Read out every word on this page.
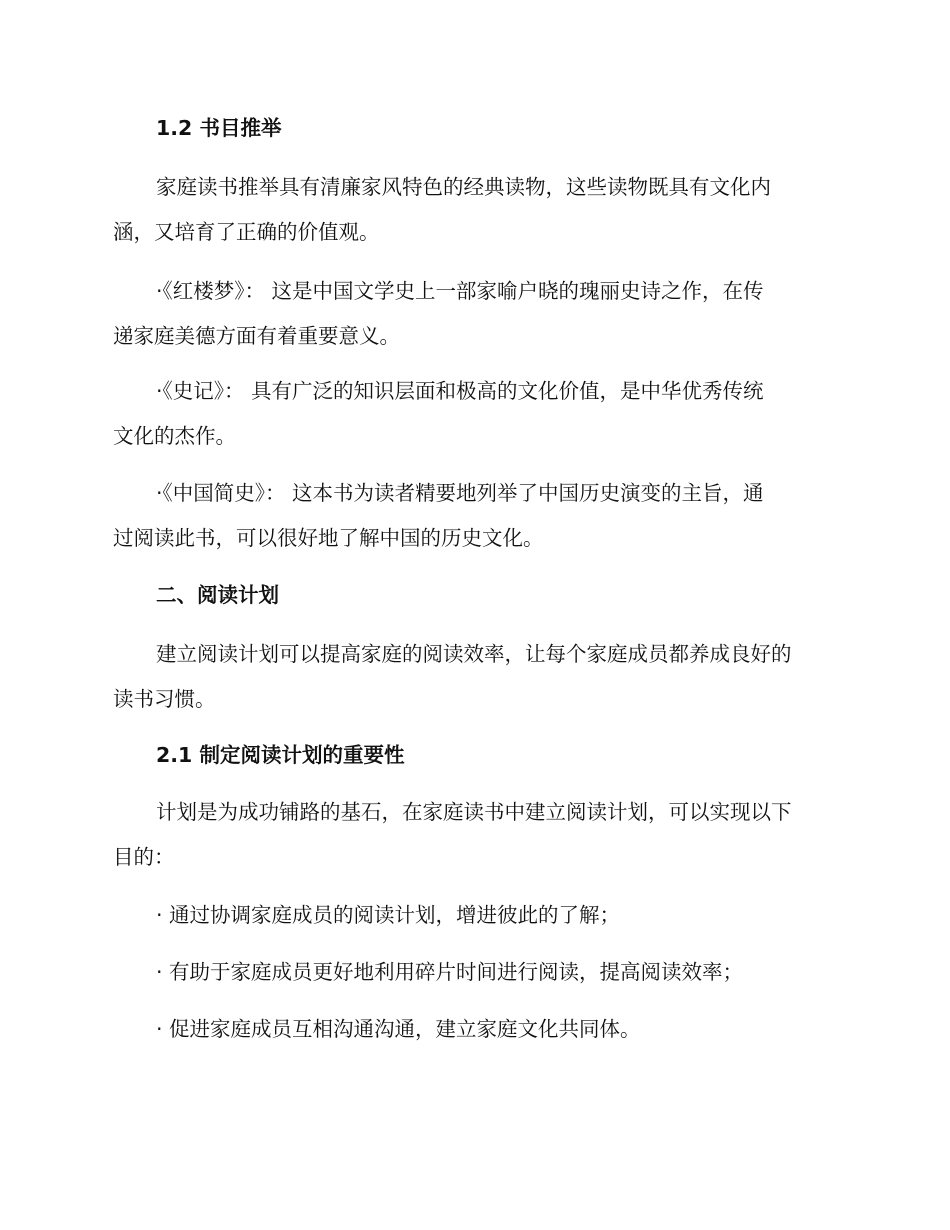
1.2 书目推举

家庭读书推举具有清廉家风特色的经典读物，这些读物既具有文化内
涵，又培育了正确的价值观。

·《红楼梦》： 这是中国文学史上一部家喻户晓的瑰丽史诗之作，在传
递家庭美德方面有着重要意义。

·《史记》： 具有广泛的知识层面和极高的文化价值，是中华优秀传统
文化的杰作。

·《中国简史》： 这本书为读者精要地列举了中国历史演变的主旨，通
过阅读此书，可以很好地了解中国的历史文化。

二、阅读计划

建立阅读计划可以提高家庭的阅读效率，让每个家庭成员都养成良好的
读书习惯。

2.1 制定阅读计划的重要性

计划是为成功铺路的基石，在家庭读书中建立阅读计划，可以实现以下
目的：

· 通过协调家庭成员的阅读计划，增进彼此的了解；

· 有助于家庭成员更好地利用碎片时间进行阅读，提高阅读效率；

· 促进家庭成员互相沟通沟通，建立家庭文化共同体。
